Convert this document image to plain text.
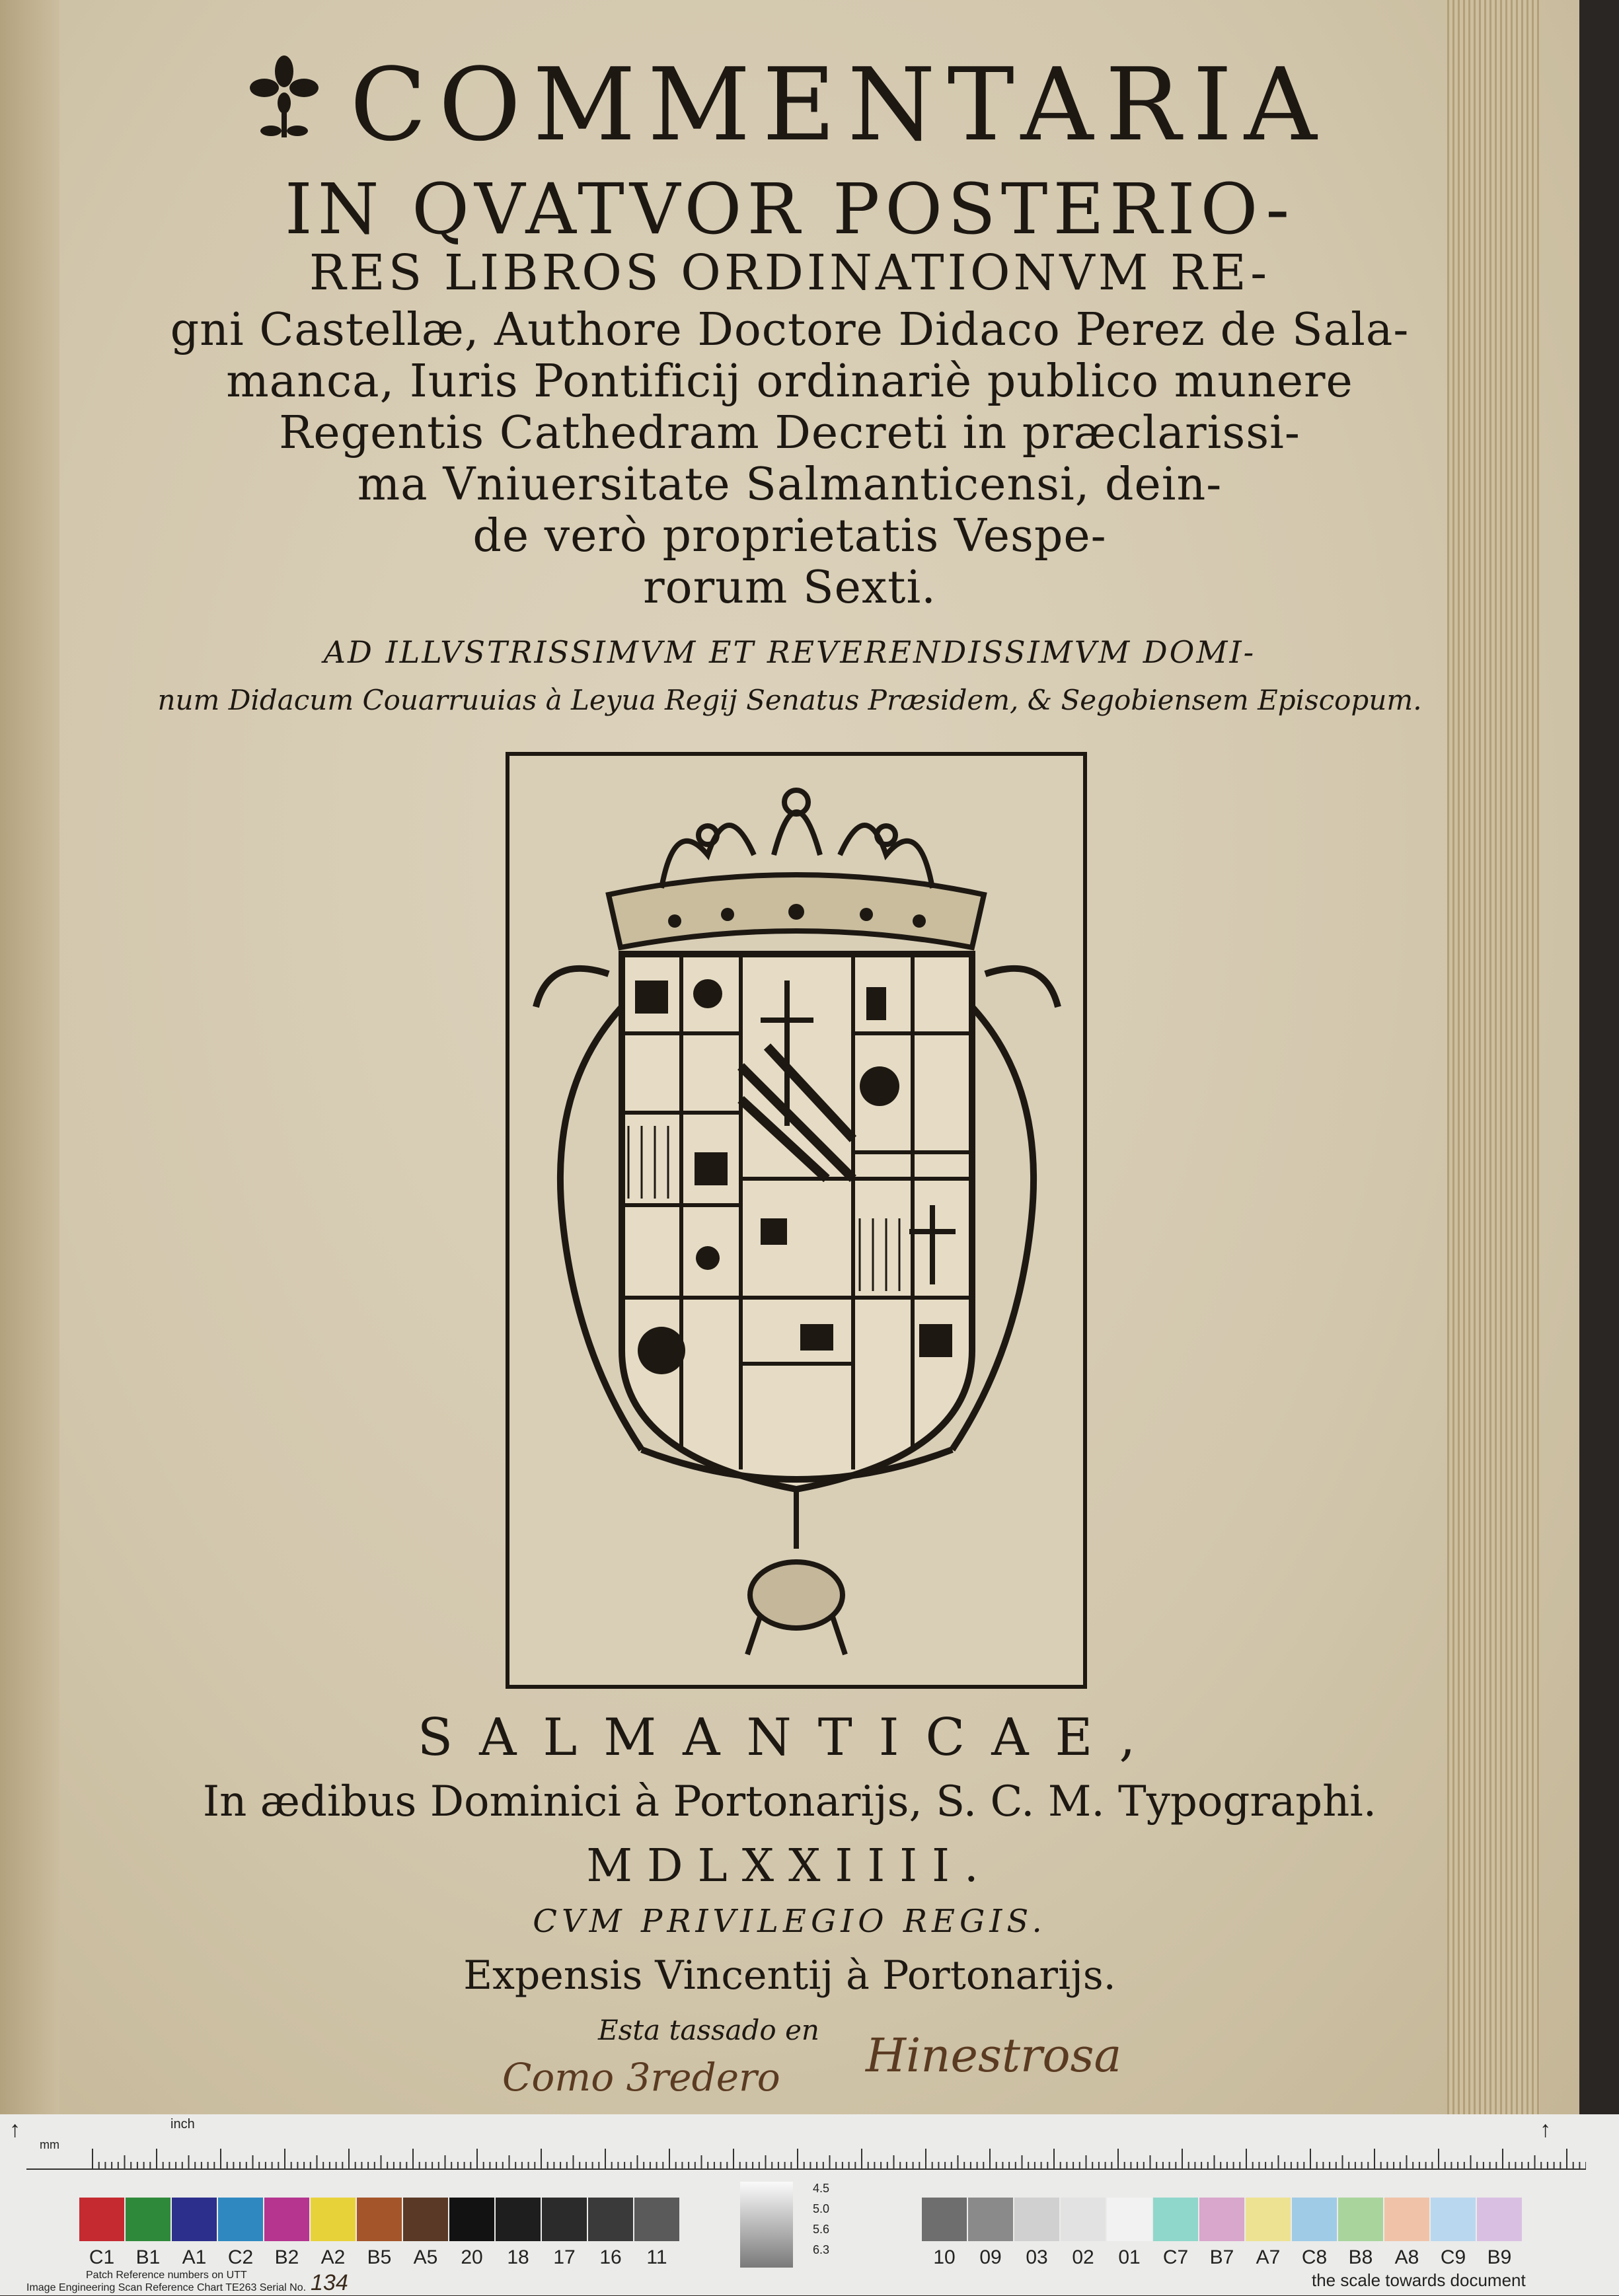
COMMENTARIA
IN QVATVOR POSTERIO-
RES LIBROS ORDINATIONVM RE-
gni Castellæ, Authore Doctore Didaco Perez de Sala-
manca, Iuris Pontificij ordinariè publico munere
Regentis Cathedram Decreti in præclarissi-
ma Vniuersitate Salmanticensi, dein-
de verò proprietatis Vespe-
rorum Sexti.
AD ILLVSTRISSIMVM ET REVERENDISSIMVM DOMI-
num Didacum Couarruuias à Leyua Regij Senatus Præsidem, & Segobiensem Episcopum.
SALMANTICAE,
In ædibus Dominici à Portonarijs, S. C. M. Typographi.
MDLXXIIII.
CVM PRIVILEGIO REGIS.
Expensis Vincentij à Portonarijs.
Esta tassado en
Como 3redero Hinestrosa
↑	↑
inch
mm
C1	B1	A1	C2	B2	A2	B5	A5	20	18	17	16	11	10	09	03	02	01	C7	B7	A7	C8	B8	A8	C9	B9
4.5
5.0
5.6
6.3
Patch Reference numbers on UTT
Image Engineering Scan Reference Chart TE263 Serial No. 134	the scale towards document
